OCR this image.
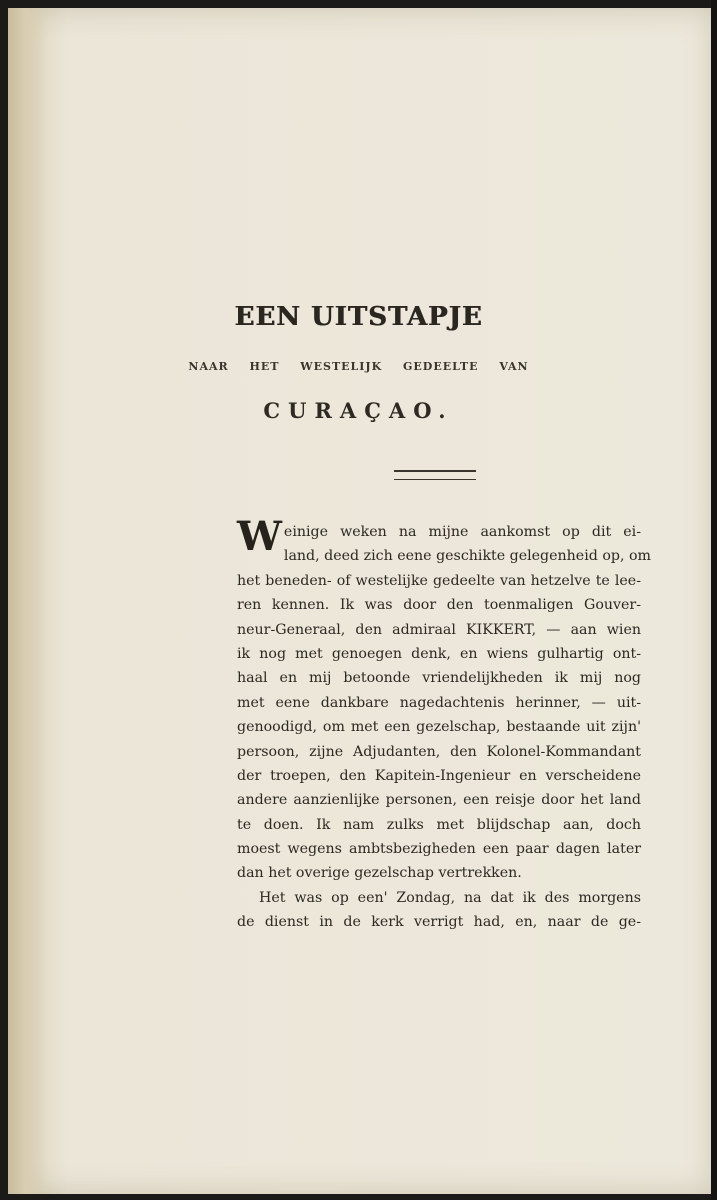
EEN UITSTAPJE
NAAR HET WESTELIJK GEDEELTE VAN
CURAÇAO.
W einige weken na mijne aankomst op dit ei-
land, deed zich eene geschikte gelegenheid op, om
het beneden- of westelijke gedeelte van hetzelve te lee-
ren kennen. Ik was door den toenmaligen Gouver-
neur-Generaal, den admiraal KIKKERT, — aan wien
ik nog met genoegen denk, en wiens gulhartig ont-
haal en mij betoonde vriendelijkheden ik mij nog
met eene dankbare nagedachtenis herinner, — uit-
genoodigd, om met een gezelschap, bestaande uit zijn'
persoon, zijne Adjudanten, den Kolonel-Kommandant
der troepen, den Kapitein-Ingenieur en verscheidene
andere aanzienlijke personen, een reisje door het land
te doen. Ik nam zulks met blijdschap aan, doch
moest wegens ambtsbezigheden een paar dagen later
dan het overige gezelschap vertrekken.
Het was op een' Zondag, na dat ik des morgens
de dienst in de kerk verrigt had, en, naar de ge-
